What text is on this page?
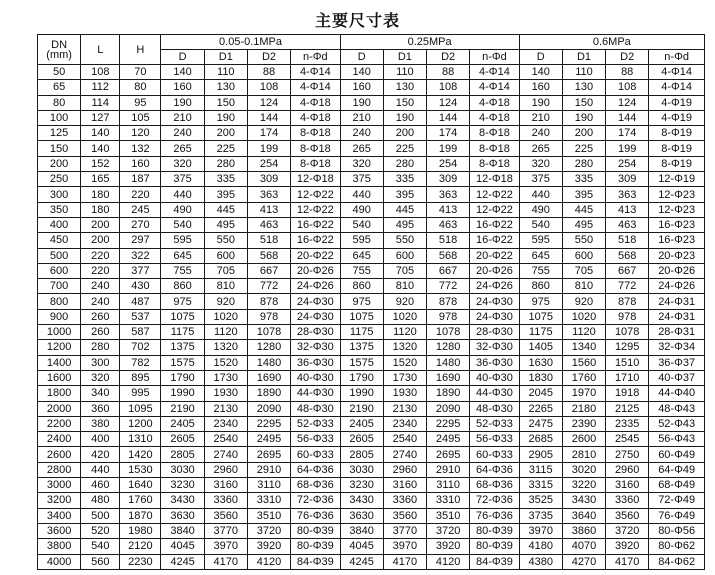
主要尺寸表
DN
(mm)	L	H	0.05-0.1MPa				0.25MPa				0.6MPa			
			D	D1	D2	n-Φd	D	D1	D2	n-Φd	D	D1	D2	n-Φd
50	108	70	140	110	88	4-Φ14	140	110	88	4-Φ14	140	110	88	4-Φ14
65	112	80	160	130	108	4-Φ14	160	130	108	4-Φ14	160	130	108	4-Φ14
80	114	95	190	150	124	4-Φ18	190	150	124	4-Φ18	190	150	124	4-Φ19
100	127	105	210	190	144	4-Φ18	210	190	144	4-Φ18	210	190	144	4-Φ19
125	140	120	240	200	174	8-Φ18	240	200	174	8-Φ18	240	200	174	8-Φ19
150	140	132	265	225	199	8-Φ18	265	225	199	8-Φ18	265	225	199	8-Φ19
200	152	160	320	280	254	8-Φ18	320	280	254	8-Φ18	320	280	254	8-Φ19
250	165	187	375	335	309	12-Φ18	375	335	309	12-Φ18	375	335	309	12-Φ19
300	180	220	440	395	363	12-Φ22	440	395	363	12-Φ22	440	395	363	12-Φ23
350	180	245	490	445	413	12-Φ22	490	445	413	12-Φ22	490	445	413	12-Φ23
400	200	270	540	495	463	16-Φ22	540	495	463	16-Φ22	540	495	463	16-Φ23
450	200	297	595	550	518	16-Φ22	595	550	518	16-Φ22	595	550	518	16-Φ23
500	220	322	645	600	568	20-Φ22	645	600	568	20-Φ22	645	600	568	20-Φ23
600	220	377	755	705	667	20-Φ26	755	705	667	20-Φ26	755	705	667	20-Φ26
700	240	430	860	810	772	24-Φ26	860	810	772	24-Φ26	860	810	772	24-Φ26
800	240	487	975	920	878	24-Φ30	975	920	878	24-Φ30	975	920	878	24-Φ31
900	260	537	1075	1020	978	24-Φ30	1075	1020	978	24-Φ30	1075	1020	978	24-Φ31
1000	260	587	1175	1120	1078	28-Φ30	1175	1120	1078	28-Φ30	1175	1120	1078	28-Φ31
1200	280	702	1375	1320	1280	32-Φ30	1375	1320	1280	32-Φ30	1405	1340	1295	32-Φ34
1400	300	782	1575	1520	1480	36-Φ30	1575	1520	1480	36-Φ30	1630	1560	1510	36-Φ37
1600	320	895	1790	1730	1690	40-Φ30	1790	1730	1690	40-Φ30	1830	1760	1710	40-Φ37
1800	340	995	1990	1930	1890	44-Φ30	1990	1930	1890	44-Φ30	2045	1970	1918	44-Φ40
2000	360	1095	2190	2130	2090	48-Φ30	2190	2130	2090	48-Φ30	2265	2180	2125	48-Φ43
2200	380	1200	2405	2340	2295	52-Φ33	2405	2340	2295	52-Φ33	2475	2390	2335	52-Φ43
2400	400	1310	2605	2540	2495	56-Φ33	2605	2540	2495	56-Φ33	2685	2600	2545	56-Φ43
2600	420	1420	2805	2740	2695	60-Φ33	2805	2740	2695	60-Φ33	2905	2810	2750	60-Φ49
2800	440	1530	3030	2960	2910	64-Φ36	3030	2960	2910	64-Φ36	3115	3020	2960	64-Φ49
3000	460	1640	3230	3160	3110	68-Φ36	3230	3160	3110	68-Φ36	3315	3220	3160	68-Φ49
3200	480	1760	3430	3360	3310	72-Φ36	3430	3360	3310	72-Φ36	3525	3430	3360	72-Φ49
3400	500	1870	3630	3560	3510	76-Φ36	3630	3560	3510	76-Φ36	3735	3640	3560	76-Φ49
3600	520	1980	3840	3770	3720	80-Φ39	3840	3770	3720	80-Φ39	3970	3860	3720	80-Φ56
3800	540	2120	4045	3970	3920	80-Φ39	4045	3970	3920	80-Φ39	4180	4070	3920	80-Φ62
4000	560	2230	4245	4170	4120	84-Φ39	4245	4170	4120	84-Φ39	4380	4270	4170	84-Φ62
